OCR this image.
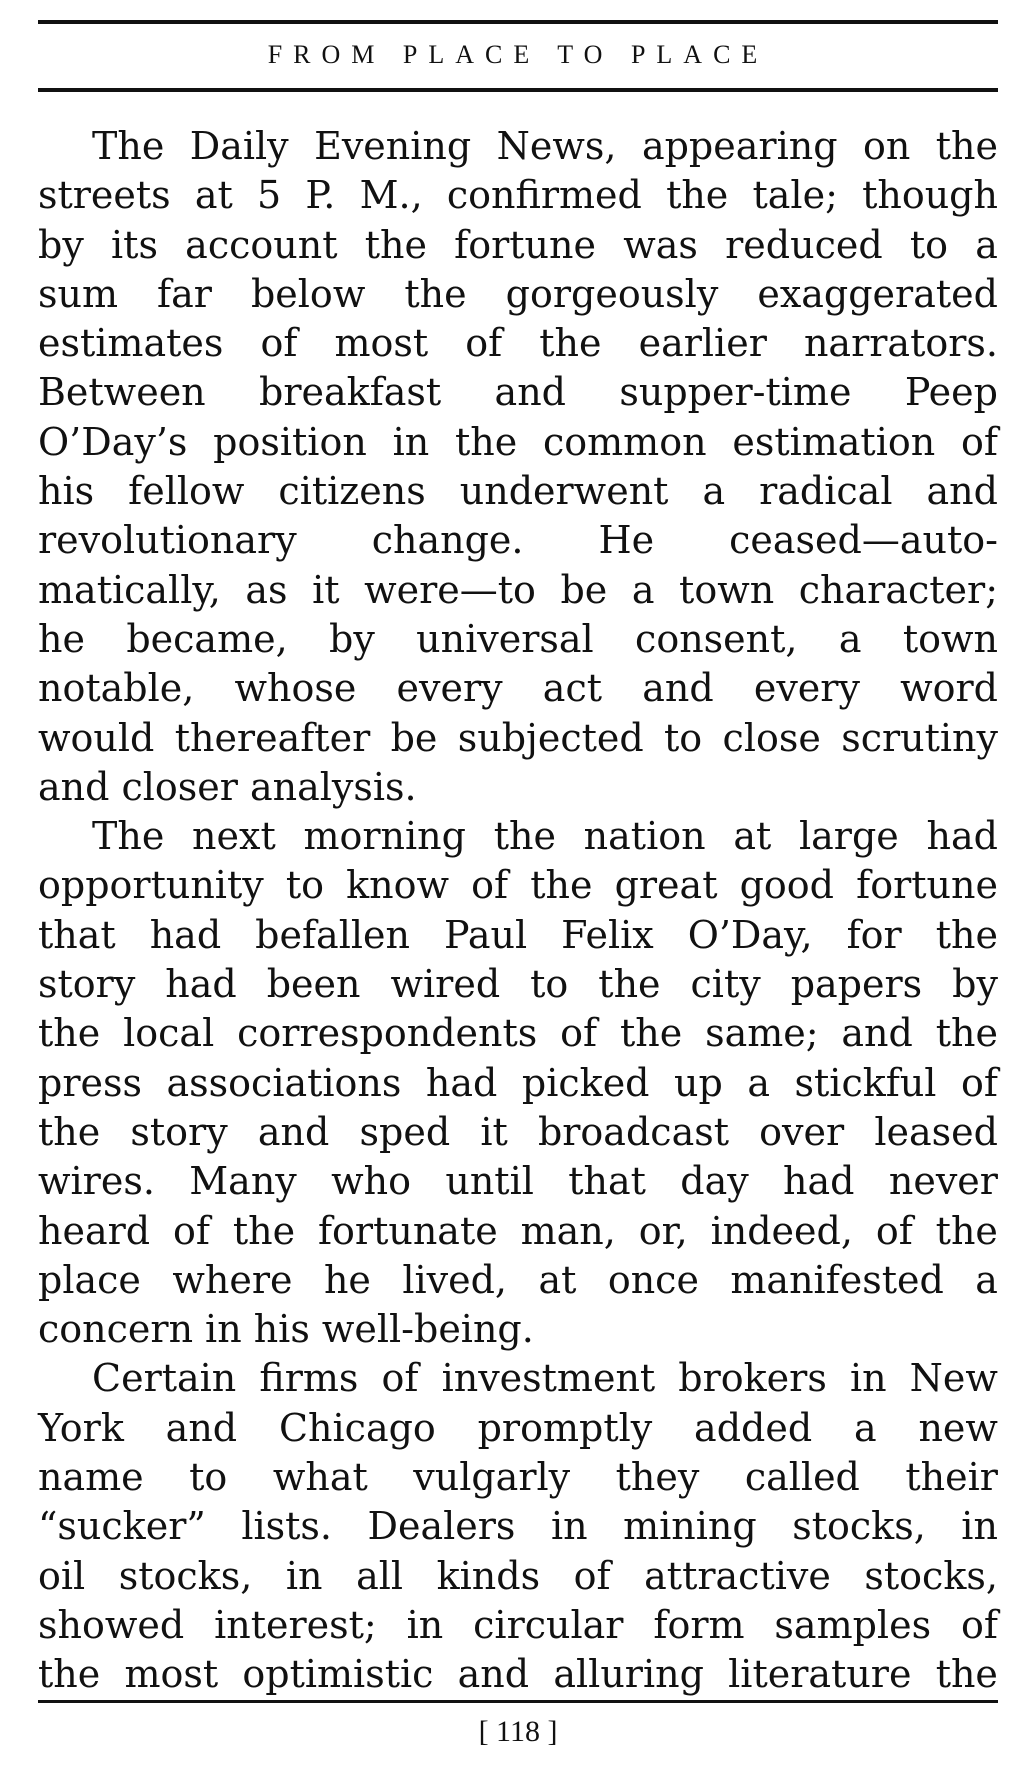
FROM PLACE TO PLACE
The Daily Evening News, appearing on the
streets at 5 P. M., confirmed the tale; though
by its account the fortune was reduced to a
sum far below the gorgeously exaggerated
estimates of most of the earlier narrators.
Between breakfast and supper-time Peep
O’Day’s position in the common estimation of
his fellow citizens underwent a radical and
revolutionary change. He ceased—auto-
matically, as it were—to be a town character;
he became, by universal consent, a town
notable, whose every act and every word
would thereafter be subjected to close scrutiny
and closer analysis.
The next morning the nation at large had
opportunity to know of the great good fortune
that had befallen Paul Felix O’Day, for the
story had been wired to the city papers by
the local correspondents of the same; and the
press associations had picked up a stickful of
the story and sped it broadcast over leased
wires. Many who until that day had never
heard of the fortunate man, or, indeed, of the
place where he lived, at once manifested a
concern in his well-being.
Certain firms of investment brokers in New
York and Chicago promptly added a new
name to what vulgarly they called their
“sucker” lists. Dealers in mining stocks, in
oil stocks, in all kinds of attractive stocks,
showed interest; in circular form samples of
the most optimistic and alluring literature the
[ 118 ]
